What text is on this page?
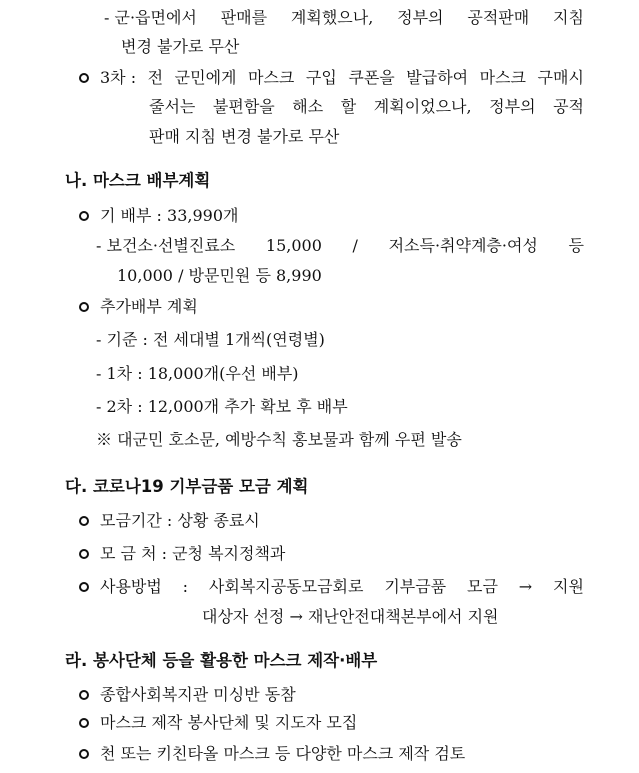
- 군·읍면에서 판매를 계획했으나, 정부의 공적판매 지침
변경 불가로 무산
3차 : 전 군민에게 마스크 구입 쿠폰을 발급하여 마스크 구매시
줄서는 불편함을 해소 할 계획이었으나, 정부의 공적
판매 지침 변경 불가로 무산
나. 마스크 배부계획
기 배부 : 33,990개
- 보건소·선별진료소 15,000 / 저소득·취약계층·여성 등
10,000 / 방문민원 등 8,990
추가배부 계획
- 기준 : 전 세대별 1개씩(연령별)
- 1차 : 18,000개(우선 배부)
- 2차 : 12,000개 추가 확보 후 배부
※ 대군민 호소문, 예방수칙 홍보물과 함께 우편 발송
다. 코로나19 기부금품 모금 계획
모금기간 : 상황 종료시
모 금 처 : 군청 복지정책과
사용방법 : 사회복지공동모금회로 기부금품 모금 → 지원
대상자 선정 → 재난안전대책본부에서 지원
라. 봉사단체 등을 활용한 마스크 제작·배부
종합사회복지관 미싱반 동참
마스크 제작 봉사단체 및 지도자 모집
천 또는 키친타올 마스크 등 다양한 마스크 제작 검토
